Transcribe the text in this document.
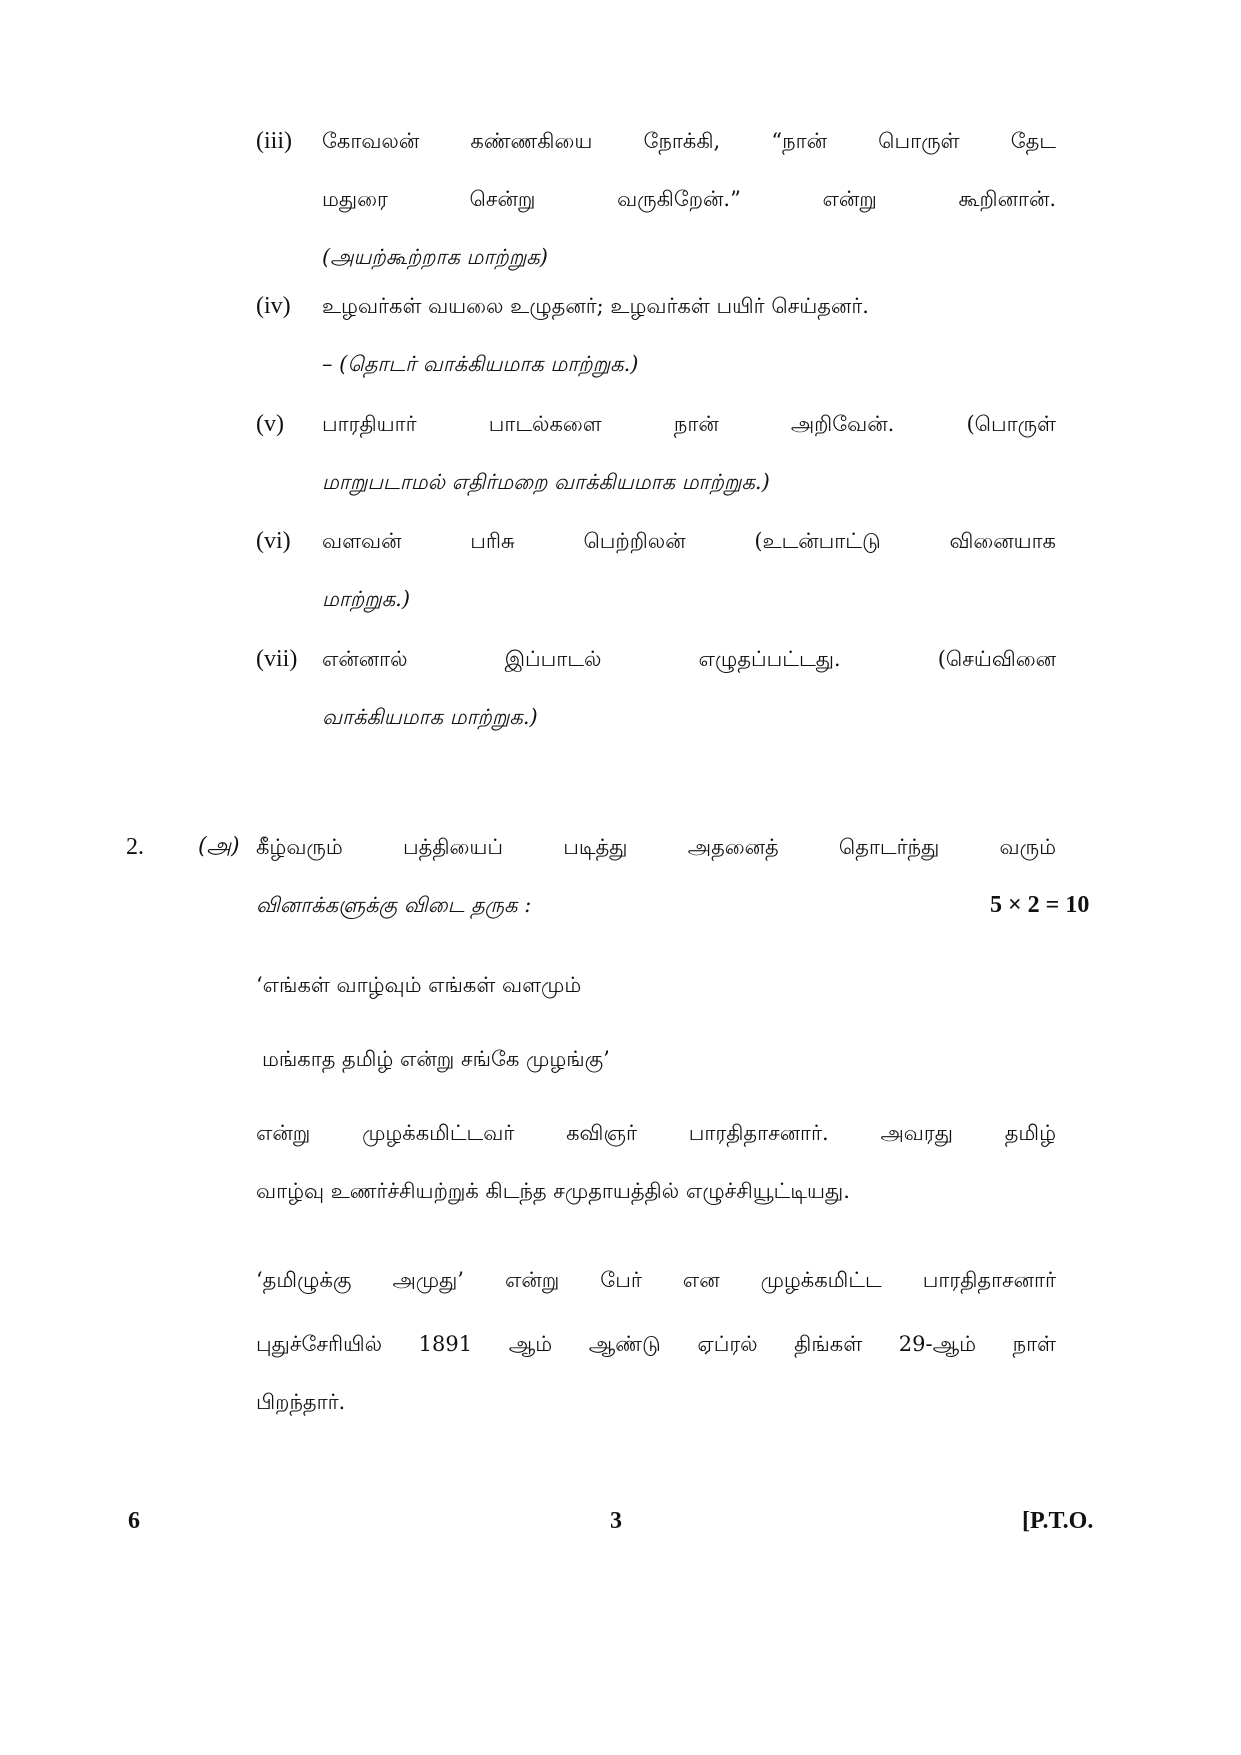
(iii) கோவலன் கண்ணகியை நோக்கி, “நான் பொருள் தேட
மதுரை சென்று வருகிறேன்.” என்று கூறினான்.
(அயற்கூற்றாக மாற்றுக)
(iv) உழவர்கள் வயலை உழுதனர்; உழவர்கள் பயிர் செய்தனர்.
– (தொடர் வாக்கியமாக மாற்றுக.)
(v) பாரதியார் பாடல்களை நான் அறிவேன். (பொருள்
மாறுபடாமல் எதிர்மறை வாக்கியமாக மாற்றுக.)
(vi) வளவன் பரிசு பெற்றிலன் (உடன்பாட்டு வினையாக
மாற்றுக.)
(vii) என்னால் இப்பாடல் எழுதப்பட்டது. (செய்வினை
வாக்கியமாக மாற்றுக.)
2. (அ) கீழ்வரும் பத்தியைப் படித்து அதனைத் தொடர்ந்து வரும்
வினாக்களுக்கு விடை தருக :	5 × 2 = 10
‘எங்கள் வாழ்வும் எங்கள் வளமும்
மங்காத தமிழ் என்று சங்கே முழங்கு’
என்று முழக்கமிட்டவர் கவிஞர் பாரதிதாசனார். அவரது தமிழ்
வாழ்வு உணர்ச்சியற்றுக் கிடந்த சமுதாயத்தில் எழுச்சியூட்டியது.
‘தமிழுக்கு அமுது’ என்று பேர் என முழக்கமிட்ட பாரதிதாசனார்
புதுச்சேரியில் 1891 ஆம் ஆண்டு ஏப்ரல் திங்கள் 29-ஆம் நாள்
பிறந்தார்.
6	3	[P.T.O.
